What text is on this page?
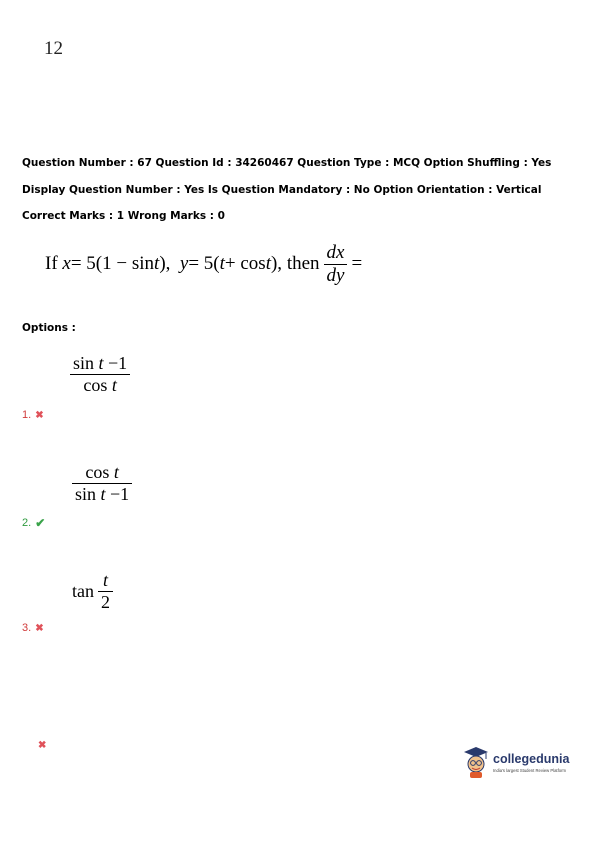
12
Question Number : 67 Question Id : 34260467 Question Type : MCQ Option Shuffling : Yes
Display Question Number : Yes Is Question Mandatory : No Option Orientation : Vertical
Correct Marks : 1 Wrong Marks : 0
If
x = 5(1 − sin t ),
y = 5( t + cos t ),
then $\frac{dx}{dy}$ =
Options :
$\frac{\text{sin t −1}}{\text{cos t}}$
1. ✖
$\frac{\text{cos t}}{\text{sin t −1}}$
2. ✔
$\tan \frac{t}{2}$
3. ✖
✖
collegedunia
India's largest Student Review Platform
